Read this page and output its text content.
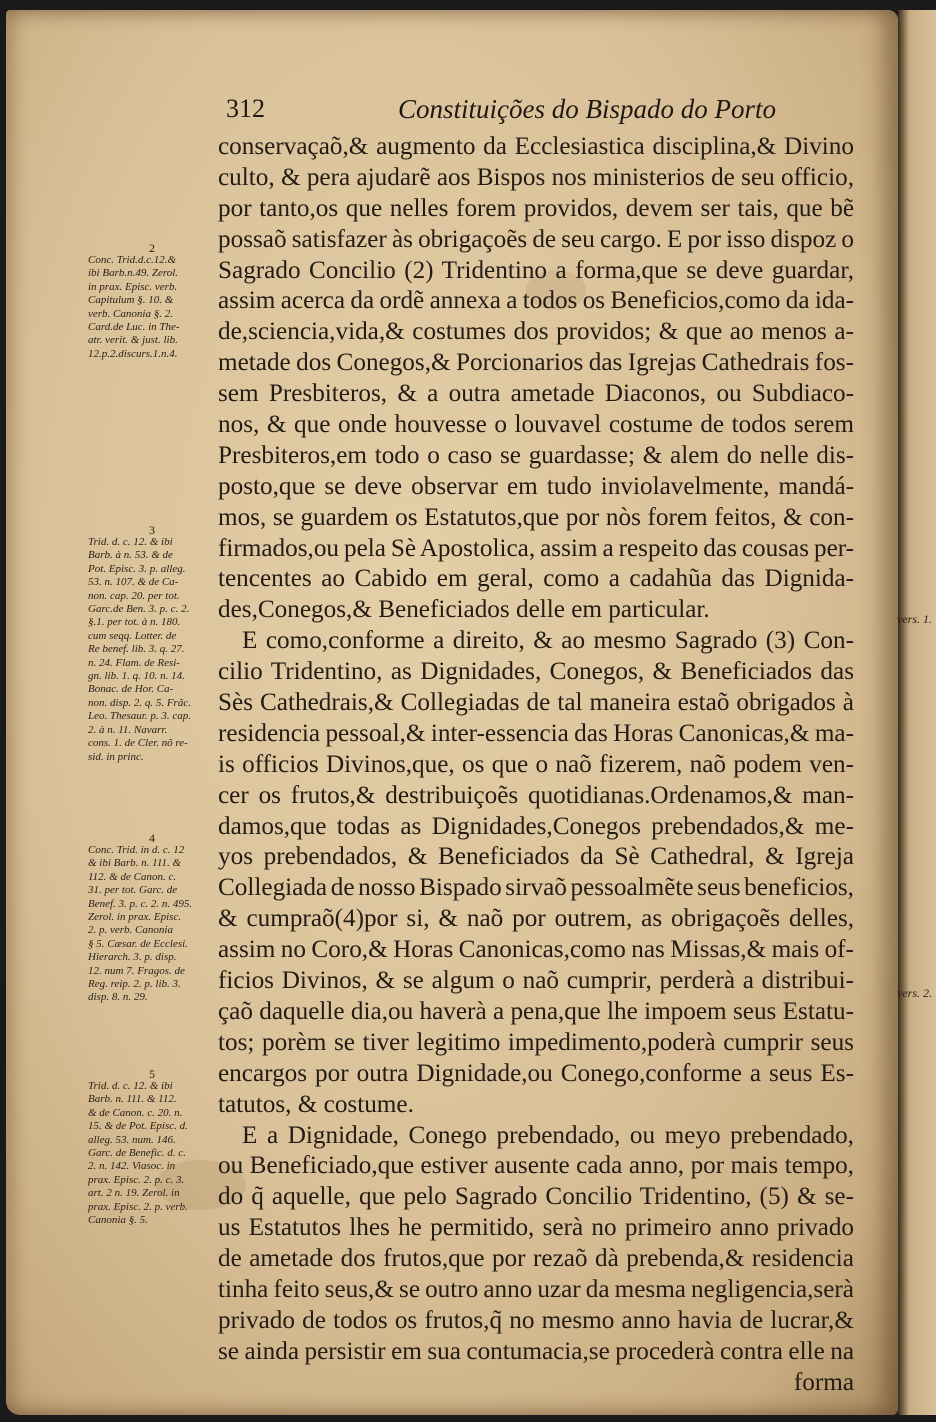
vers. 1.
vers. 2.
312	Constituições do Bispado do Porto
conservaçaõ,& augmento da Ecclesiastica disciplina,& Divino
culto, & pera ajudarẽ aos Bispos nos ministerios de seu officio,
por tanto,os que nelles forem providos, devem ser tais, que bẽ
possaõ satisfazer às obrigaçoẽs de seu cargo. E por isso dispoz o
Sagrado Concilio (2) Tridentino a forma,que se deve guardar,
assim acerca da ordẽ annexa a todos os Beneficios,como da ida-
de,sciencia,vida,& costumes dos providos; & que ao menos a-
metade dos Conegos,& Porcionarios das Igrejas Cathedrais fos-
sem Presbiteros, & a outra ametade Diaconos, ou Subdiaco-
nos, & que onde houvesse o louvavel costume de todos serem
Presbiteros,em todo o caso se guardasse; & alem do nelle dis-
posto,que se deve observar em tudo inviolavelmente, mandá-
mos, se guardem os Estatutos,que por nòs forem feitos, & con-
firmados,ou pela Sè Apostolica, assim a respeito das cousas per-
tencentes ao Cabido em geral, como a cadahũa das Dignida-
des,Conegos,& Beneficiados delle em particular.
E como,conforme a direito, & ao mesmo Sagrado (3) Con-
cilio Tridentino, as Dignidades, Conegos, & Beneficiados das
Sès Cathedrais,& Collegiadas de tal maneira estaõ obrigados à
residencia pessoal,& inter-essencia das Horas Canonicas,& ma-
is officios Divinos,que, os que o naõ fizerem, naõ podem ven-
cer os frutos,& destribuiçoẽs quotidianas.Ordenamos,& man-
damos,que todas as Dignidades,Conegos prebendados,& me-
yos prebendados, & Beneficiados da Sè Cathedral, & Igreja
Collegiada de nosso Bispado sirvaõ pessoalmẽte seus beneficios,
& cumpraõ(4)por si, & naõ por outrem, as obrigaçoẽs delles,
assim no Coro,& Horas Canonicas,como nas Missas,& mais of-
ficios Divinos, & se algum o naõ cumprir, perderà a distribui-
çaõ daquelle dia,ou haverà a pena,que lhe impoem seus Estatu-
tos; porèm se tiver legitimo impedimento,poderà cumprir seus
encargos por outra Dignidade,ou Conego,conforme a seus Es-
tatutos, & costume.
E a Dignidade, Conego prebendado, ou meyo prebendado,
ou Beneficiado,que estiver ausente cada anno, por mais tempo,
do q̃ aquelle, que pelo Sagrado Concilio Tridentino, (5) & se-
us Estatutos lhes he permitido, serà no primeiro anno privado
de ametade dos frutos,que por rezaõ dà prebenda,& residencia
tinha feito seus,& se outro anno uzar da mesma negligencia,serà
privado de todos os frutos,q̃ no mesmo anno havia de lucrar,&
se ainda persistir em sua contumacia,se procederà contra elle na
forma
2
Conc. Trid.d.c.12.&
ibi Barb.n.49. Zerol.
in prax. Episc. verb.
Capitulum §. 10. &
verb. Canonia §. 2.
Card.de Luc. in The-
atr. verit. & just. lib.
12.p.2.discurs.1.n.4.
3
Trid. d. c. 12. & ibi
Barb. à n. 53. & de
Pot. Episc. 3. p. alleg.
53. n. 107. & de Ca-
non. cap. 20. per tot.
Garc.de Ben. 3. p. c. 2.
§.1. per tot. à n. 180.
cum seqq. Lotter. de
Re benef. lib. 3. q. 27.
n. 24. Flam. de Resi-
gn. lib. 1. q. 10. n. 14.
Bonac. de Hor. Ca-
non. disp. 2. q. 5. Frãc.
Leo. Thesaur. p. 3. cap.
2. à n. 11. Navarr.
cons. 1. de Cler. nõ re-
sid. in princ.
4
Conc. Trid. in d. c. 12
& ibi Barb. n. 111. &
112. & de Canon. c.
31. per tot. Garc. de
Benef. 3. p. c. 2. n. 495.
Zerol. in prax. Episc.
2. p. verb. Canonia
§ 5. Cæsar. de Ecclesi.
Hierarch. 3. p. disp.
12. num 7. Fragos. de
Reg. reip. 2. p. lib. 3.
disp. 8. n. 29.
5
Trid. d. c. 12. & ibi
Barb. n. 111. & 112.
& de Canon. c. 20. n.
15. & de Pot. Episc. d.
alleg. 53. num. 146.
Garc. de Benefic. d. c.
2. n. 142. Viasoc. in
prax. Episc. 2. p. c. 3.
art. 2 n. 19. Zerol. in
prax. Episc. 2. p. verb.
Canonia §. 5.
